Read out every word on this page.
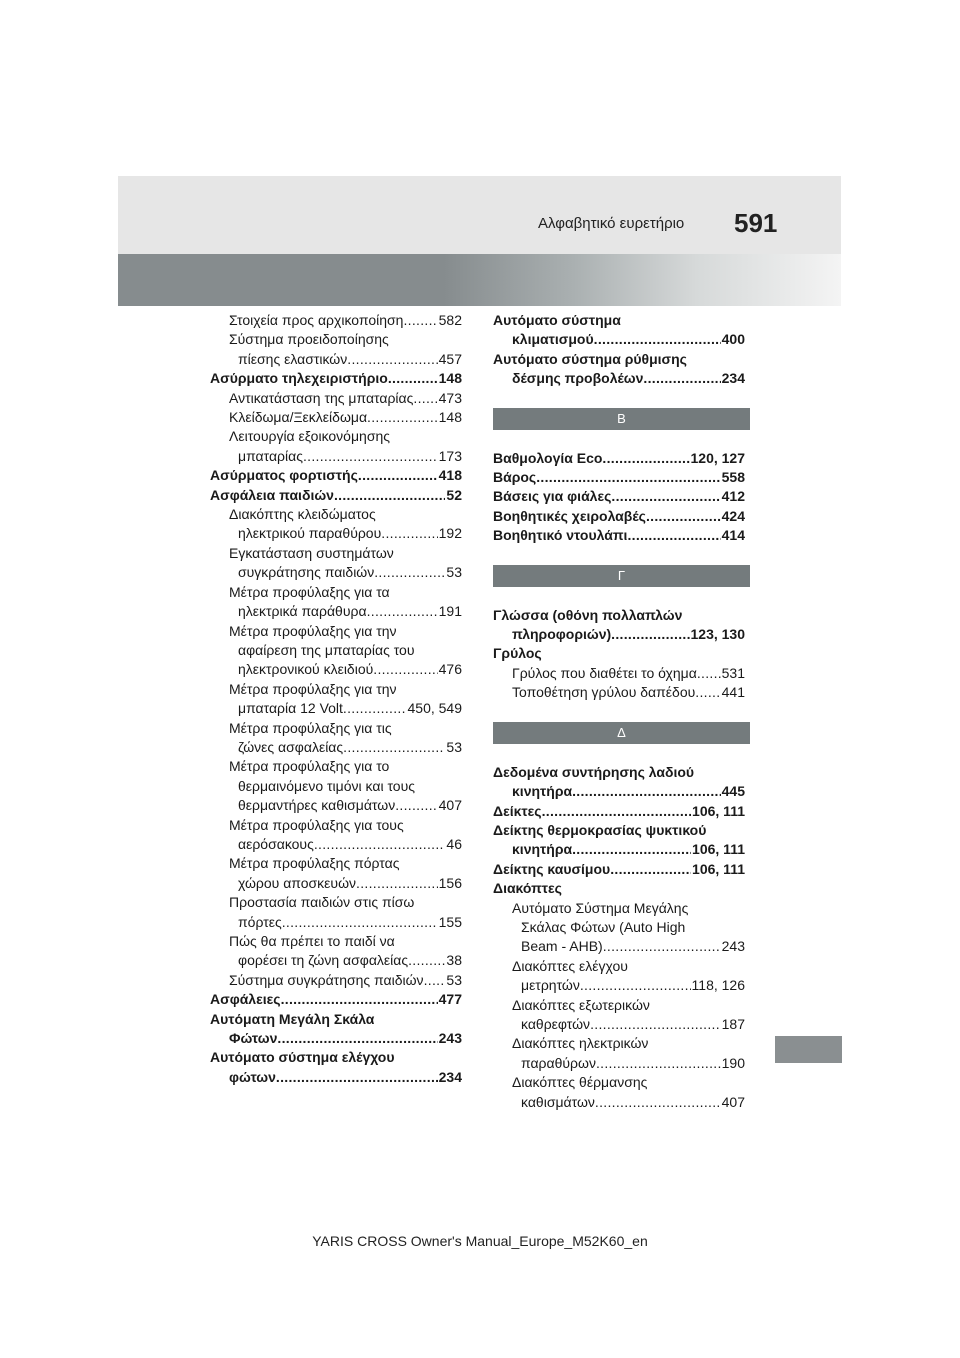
Αλφαβητικό ευρετήριο 591
Στοιχεία προς αρχικοποίηση .....	582
Σύστημα προειδοποίησης
πίεσης ελαστικών .....	457
Ασύρματο τηλεχειριστήριο .....	148
Αντικατάσταση της μπαταρίας ..... 473
Κλείδωμα/Ξεκλείδωμα .....	148
Λειτουργία εξοικονόμησης
μπαταρίας .....	173
Ασύρματος φορτιστής .....	418
Ασφάλεια παιδιών .....	52
Διακόπτης κλειδώματος
ηλεκτρικού παραθύρου .....	192
Εγκατάσταση συστημάτων
συγκράτησης παιδιών .....	53
Μέτρα προφύλαξης για τα
ηλεκτρικά παράθυρα .....	191
Μέτρα προφύλαξης για την
αφαίρεση της μπαταρίας του
ηλεκτρονικού κλειδιού .....	476
Μέτρα προφύλαξης για την
μπαταρία 12 Volt .....	450, 549
Μέτρα προφύλαξης για τις
ζώνες ασφαλείας .....	53
Μέτρα προφύλαξης για το
θερμαινόμενο τιμόνι και τους
θερμαντήρες καθισμάτων .....	407
Μέτρα προφύλαξης για τους
αερόσακους .....	46
Μέτρα προφύλαξης πόρτας
χώρου αποσκευών .....	156
Προστασία παιδιών στις πίσω
πόρτες .....	155
Πώς θα πρέπει το παιδί να
φορέσει τη ζώνη ασφαλείας .....	38
Σύστημα συγκράτησης παιδιών ..... 53
Ασφάλειες .....	477
Αυτόματη Μεγάλη Σκάλα
Φώτων .....	243
Αυτόματο σύστημα ελέγχου
φώτων .....	234
Αυτόματο σύστημα
κλιματισμού .....	400
Αυτόματο σύστημα ρύθμισης
δέσμης προβολέων .....	234
Β
Βαθμολογία Eco .....	120, 127
Βάρος .....	558
Βάσεις για φιάλες .....	412
Βοηθητικές χειρολαβές .....	424
Βοηθητικό ντουλάπι .....	414
Γ
Γλώσσα (οθόνη πολλαπλών
πληροφοριών) .....	123, 130
Γρύλος
Γρύλος που διαθέτει το όχημα ..... 531
Τοποθέτηση γρύλου δαπέδου ..... 441
Δ
Δεδομένα συντήρησης λαδιού
κινητήρα .....	445
Δείκτες .....	106, 111
Δείκτης θερμοκρασίας ψυκτικού
κινητήρα .....	106, 111
Δείκτης καυσίμου .....	106, 111
Διακόπτες
Αυτόματο Σύστημα Μεγάλης
Σκάλας Φώτων (Auto High
Beam - AHB) .....	243
Διακόπτες ελέγχου
μετρητών .....	118, 126
Διακόπτες εξωτερικών
καθρεφτών .....	187
Διακόπτες ηλεκτρικών
παραθύρων .....	190
Διακόπτες θέρμανσης
καθισμάτων .....	407
YARIS CROSS Owner's Manual_Europe_M52K60_en
